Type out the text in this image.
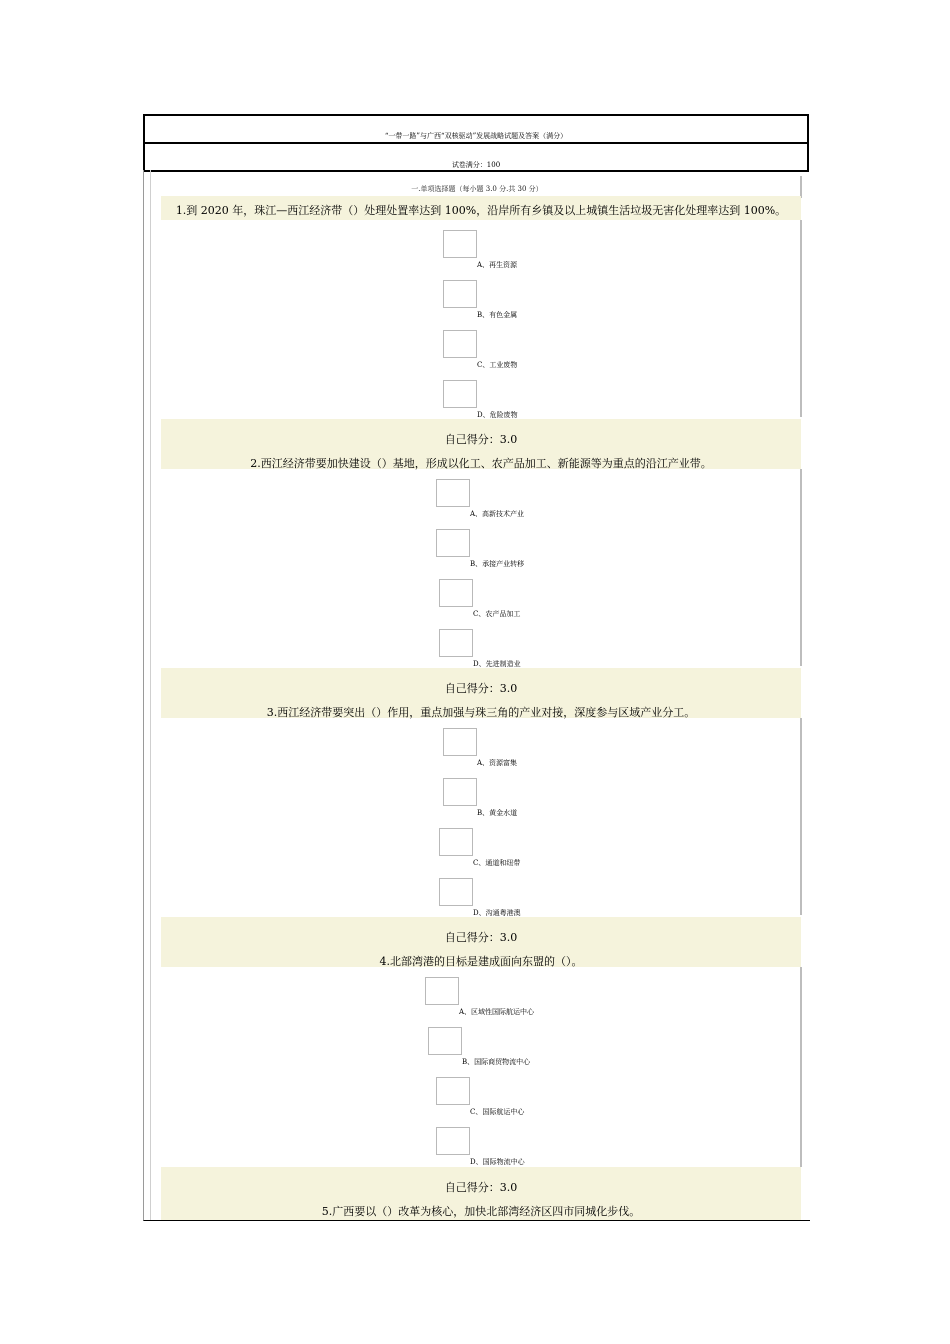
“一带一路”与广西“双核驱动”发展战略试题及答案（满分）
试卷满分：100
一.单项选择题（每小题 3.0 分.共 30 分）
1.到 2020 年，珠江—西江经济带（）处理处置率达到 100%，沿岸所有乡镇及以上城镇生活垃圾无害化处理率达到 100%。
A、再生资源
B、有色金属
C、工业废物
D、危险废物
自己得分：3.0
2.西江经济带要加快建设（）基地，形成以化工、农产品加工、新能源等为重点的沿江产业带。
A、高新技术产业
B、承接产业转移
C、农产品加工
D、先进制造业
自己得分：3.0
3.西江经济带要突出（）作用，重点加强与珠三角的产业对接，深度参与区域产业分工。
A、资源富集
B、黄金水道
C、通道和纽带
D、沟通粤港澳
自己得分：3.0
4.北部湾港的目标是建成面向东盟的（）。
A、区域性国际航运中心
B、国际商贸物流中心
C、国际航运中心
D、国际物流中心
自己得分：3.0
5.广西要以（）改革为核心，加快北部湾经济区四市同城化步伐。
